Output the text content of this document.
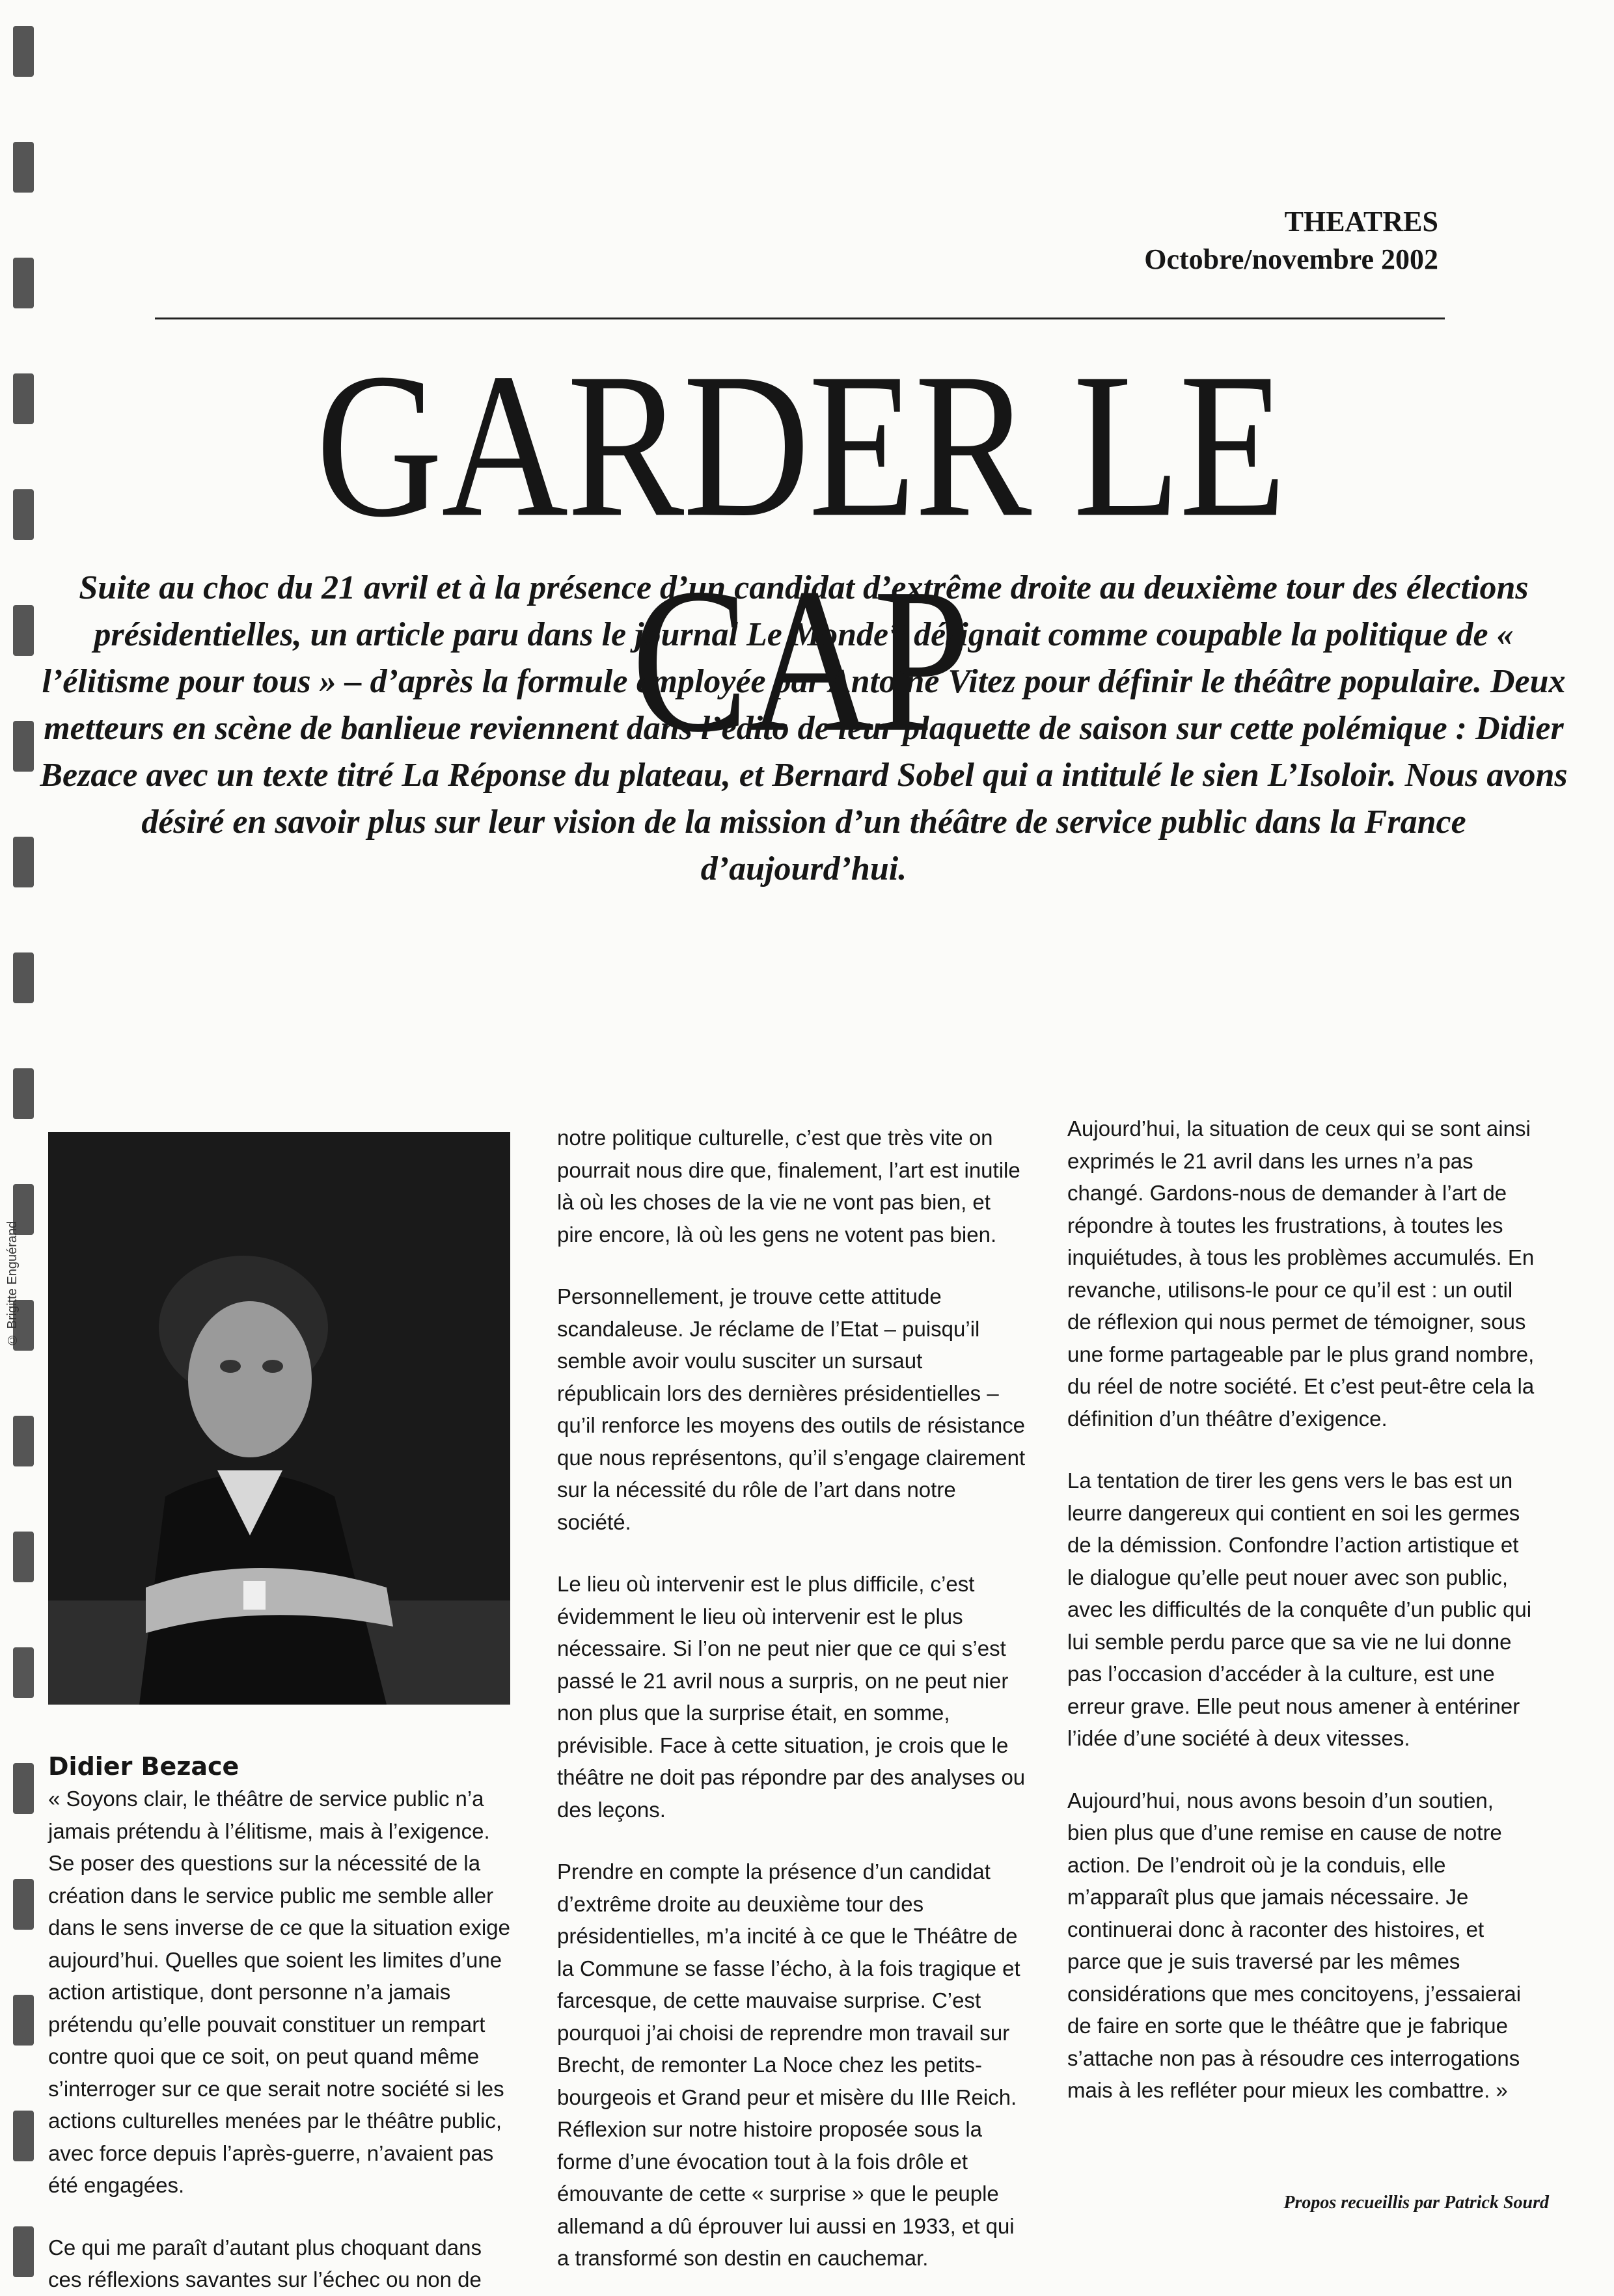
THEATRES
Octobre/novembre 2002
GARDER LE CAP

Suite au choc du 21 avril et à la présence d’un candidat d’extrême droite au deuxième tour des élections présidentielles, un article paru dans le journal Le Monde* désignait comme coupable la politique de « l’élitisme pour tous » – d’après la formule employée par Antoine Vitez pour définir le théâtre populaire. Deux metteurs en scène de banlieue reviennent dans l’édito de leur plaquette de saison sur cette polémique : Didier Bezace avec un texte titré La Réponse du plateau, et Bernard Sobel qui a intitulé le sien L’Isoloir. Nous avons désiré en savoir plus sur leur vision de la mission d’un théâtre de service public dans la France d’aujourd’hui.

© Brigitte Enguérand
Didier Bezace

« Soyons clair, le théâtre de service public n’a jamais prétendu à l’élitisme, mais à l’exigence. Se poser des questions sur la nécessité de la création dans le service public me semble aller dans le sens inverse de ce que la situation exige aujourd’hui. Quelles que soient les limites d’une action artistique, dont personne n’a jamais prétendu qu’elle pouvait constituer un rempart contre quoi que ce soit, on peut quand même s’interroger sur ce que serait notre société si les actions culturelles menées par le théâtre public, avec force depuis l’après-guerre, n’avaient pas été engagées.

Ce qui me paraît d’autant plus choquant dans ces réflexions savantes sur l’échec ou non de

notre politique culturelle, c’est que très vite on pourrait nous dire que, finalement, l’art est inutile là où les choses de la vie ne vont pas bien, et pire encore, là où les gens ne votent pas bien.

Personnellement, je trouve cette attitude scandaleuse. Je réclame de l’Etat – puisqu’il semble avoir voulu susciter un sursaut républicain lors des dernières présidentielles – qu’il renforce les moyens des outils de résistance que nous représentons, qu’il s’engage clairement sur la nécessité du rôle de l’art dans notre société.

Le lieu où intervenir est le plus difficile, c’est évidemment le lieu où intervenir est le plus nécessaire. Si l’on ne peut nier que ce qui s’est passé le 21 avril nous a surpris, on ne peut nier non plus que la surprise était, en somme, prévisible. Face à cette situation, je crois que le théâtre ne doit pas répondre par des analyses ou des leçons.

Prendre en compte la présence d’un candidat d’extrême droite au deuxième tour des présidentielles, m’a incité à ce que le Théâtre de la Commune se fasse l’écho, à la fois tragique et farcesque, de cette mauvaise surprise. C’est pourquoi j’ai choisi de reprendre mon travail sur Brecht, de remonter La Noce chez les petits-bourgeois et Grand peur et misère du IIIe Reich. Réflexion sur notre histoire proposée sous la forme d’une évocation tout à la fois drôle et émouvante de cette « surprise » que le peuple allemand a dû éprouver lui aussi en 1933, et qui a transformé son destin en cauchemar.

Aujourd’hui, la situation de ceux qui se sont ainsi exprimés le 21 avril dans les urnes n’a pas changé. Gardons-nous de demander à l’art de répondre à toutes les frustrations, à toutes les inquiétudes, à tous les problèmes accumulés. En revanche, utilisons-le pour ce qu’il est : un outil de réflexion qui nous permet de témoigner, sous une forme partageable par le plus grand nombre, du réel de notre société. Et c’est peut-être cela la définition d’un théâtre d’exigence.

La tentation de tirer les gens vers le bas est un leurre dangereux qui contient en soi les germes de la démission. Confondre l’action artistique et le dialogue qu’elle peut nouer avec son public, avec les difficultés de la conquête d’un public qui lui semble perdu parce que sa vie ne lui donne pas l’occasion d’accéder à la culture, est une erreur grave. Elle peut nous amener à entériner l’idée d’une société à deux vitesses.

Aujourd’hui, nous avons besoin d’un soutien, bien plus que d’une remise en cause de notre action. De l’endroit où je la conduis, elle m’apparaît plus que jamais nécessaire. Je continuerai donc à raconter des histoires, et parce que je suis traversé par les mêmes considérations que mes concitoyens, j’essaierai de faire en sorte que le théâtre que je fabrique s’attache non pas à résoudre ces interrogations mais à les refléter pour mieux les combattre. »

Propos recueillis par Patrick Sourd
